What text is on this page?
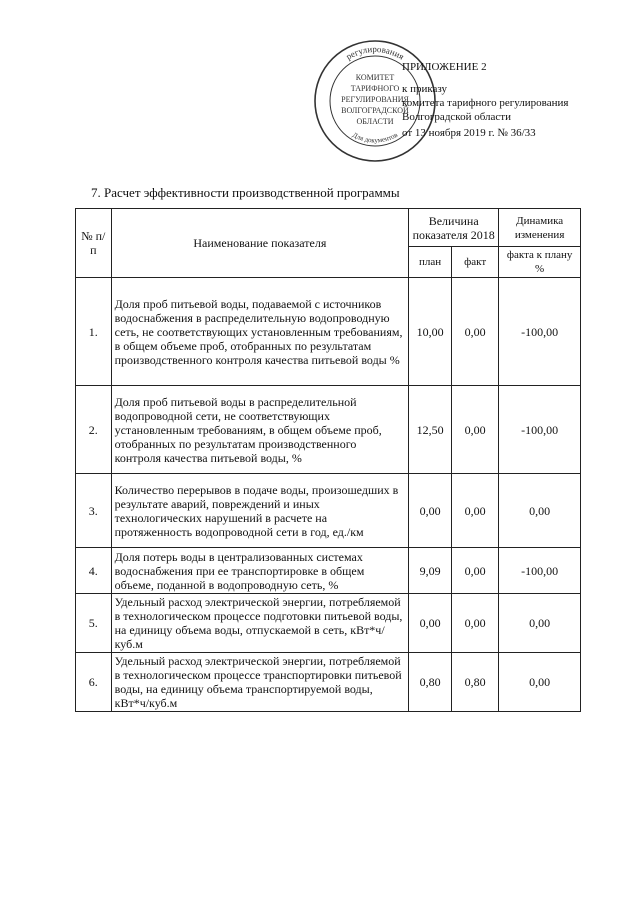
регулирования
Для документов
КОМИТЕТ
ТАРИФНОГО
РЕГУЛИРОВАНИЯ
ВОЛГОГРАДСКОЙ
ОБЛАСТИ
ПРИЛОЖЕНИЕ 2
к приказу
комитета тарифного регулирования
Волгоградской области
от 13 ноября 2019 г. № 36/33
7. Расчет эффективности производственной программы
№ п/п	Наименование показателя	Величина показателя 2018		Динамика изменения
		план	факт	факта к плану %
1.	Доля проб питьевой воды, подаваемой с источников водоснабжения в распределительную водопроводную сеть, не соответствующих установленным требованиям, в общем объеме проб, отобранных по результатам производственного контроля качества питьевой воды %	10,00	0,00	-100,00
2.	Доля проб питьевой воды в распределительной водопроводной сети, не соответствующих установленным требованиям, в общем объеме проб, отобранных по результатам производственного контроля качества питьевой воды, %	12,50	0,00	-100,00
3.	Количество перерывов в подаче воды, произошедших в результате аварий, повреждений и иных технологических нарушений в расчете на протяженность водопроводной сети в год, ед./км	0,00	0,00	0,00
4.	Доля потерь воды в централизованных системах водоснабжения при ее транспортировке в общем объеме, поданной в водопроводную сеть, %	9,09	0,00	-100,00
5.	Удельный расход электрической энергии, потребляемой в технологическом процессе подготовки питьевой воды, на единицу объема воды, отпускаемой в сеть, кВт*ч/куб.м	0,00	0,00	0,00
6.	Удельный расход электрической энергии, потребляемой в технологическом процессе транспортировки питьевой воды, на единицу объема транспортируемой воды, кВт*ч/куб.м	0,80	0,80	0,00
